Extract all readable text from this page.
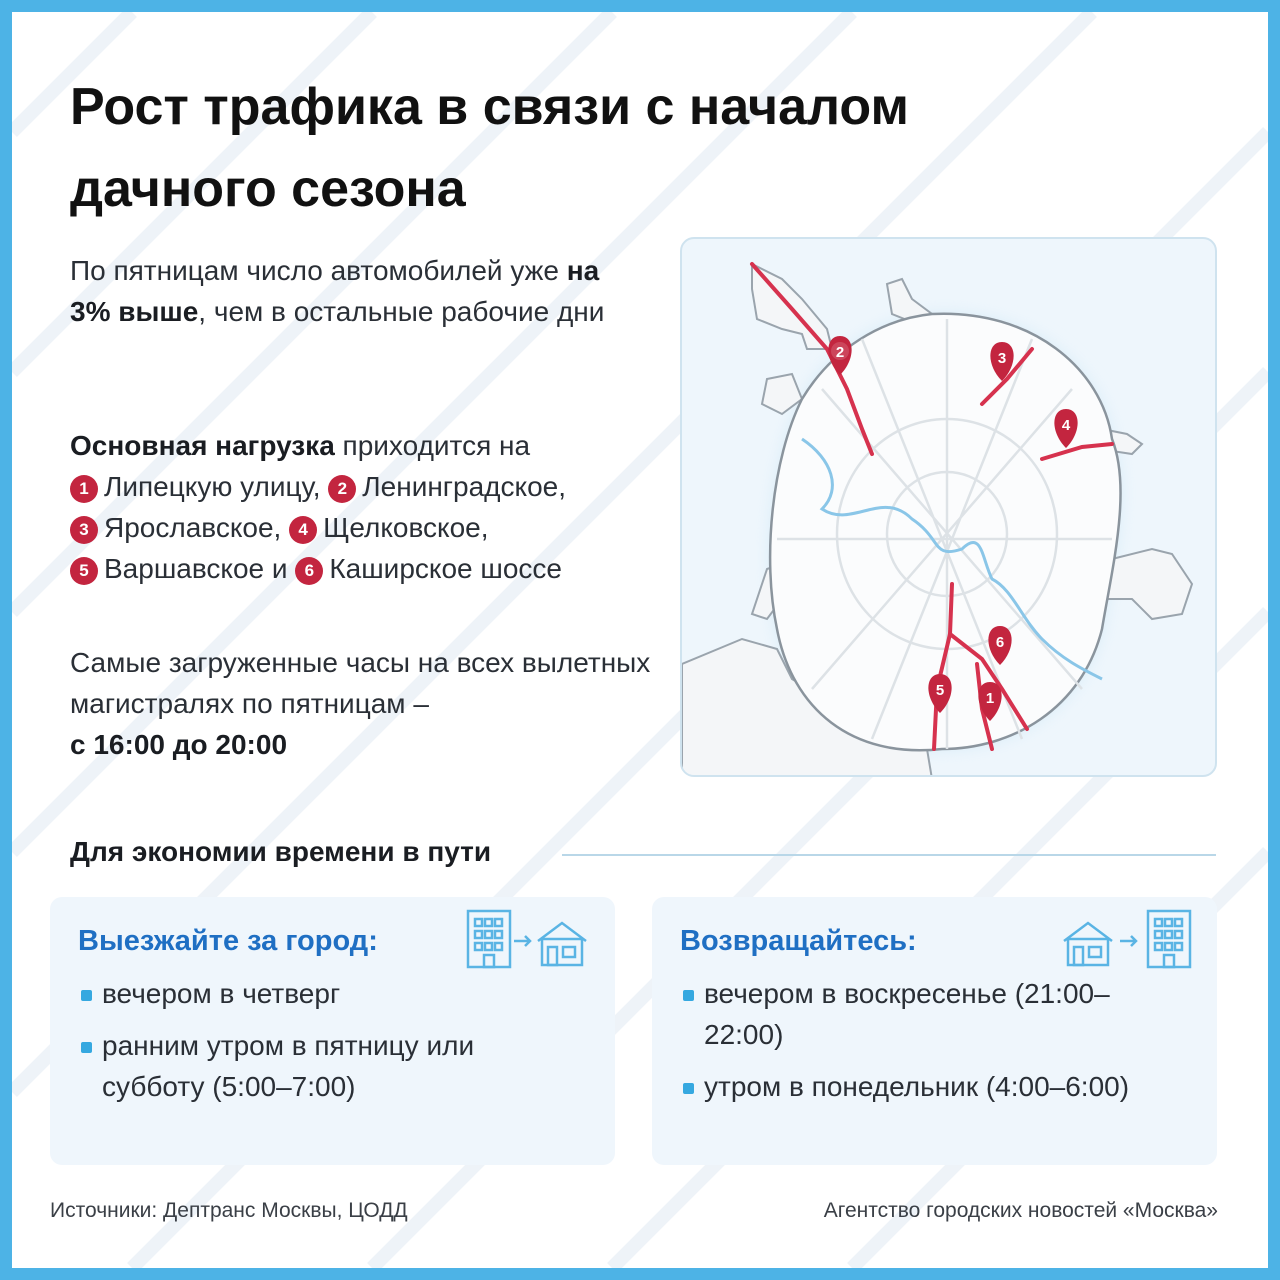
Рост трафика в связи с началом дачного сезона
По пятницам число автомобилей уже на 3% выше, чем в остальные рабочие дни
Основная нагрузка приходится на
1 Липецкую улицу, 2 Ленинградское,
3 Ярославское, 4 Щелковское,
5 Варшавское и 6 Каширское шоссе
Самые загруженные часы на всех вылетных магистралях по пятницам –
с 16:00 до 20:00
2	3
4
6
5	1
Для экономии времени в пути
Выезжайте за город:
вечером в четверг
ранним утром в пятницу или субботу (5:00–7:00)
Возвращайтесь:
вечером в воскресенье (21:00–22:00)
утром в понедельник (4:00–6:00)
Источники: Дептранс Москвы, ЦОДД	Агентство городских новостей «Москва»
